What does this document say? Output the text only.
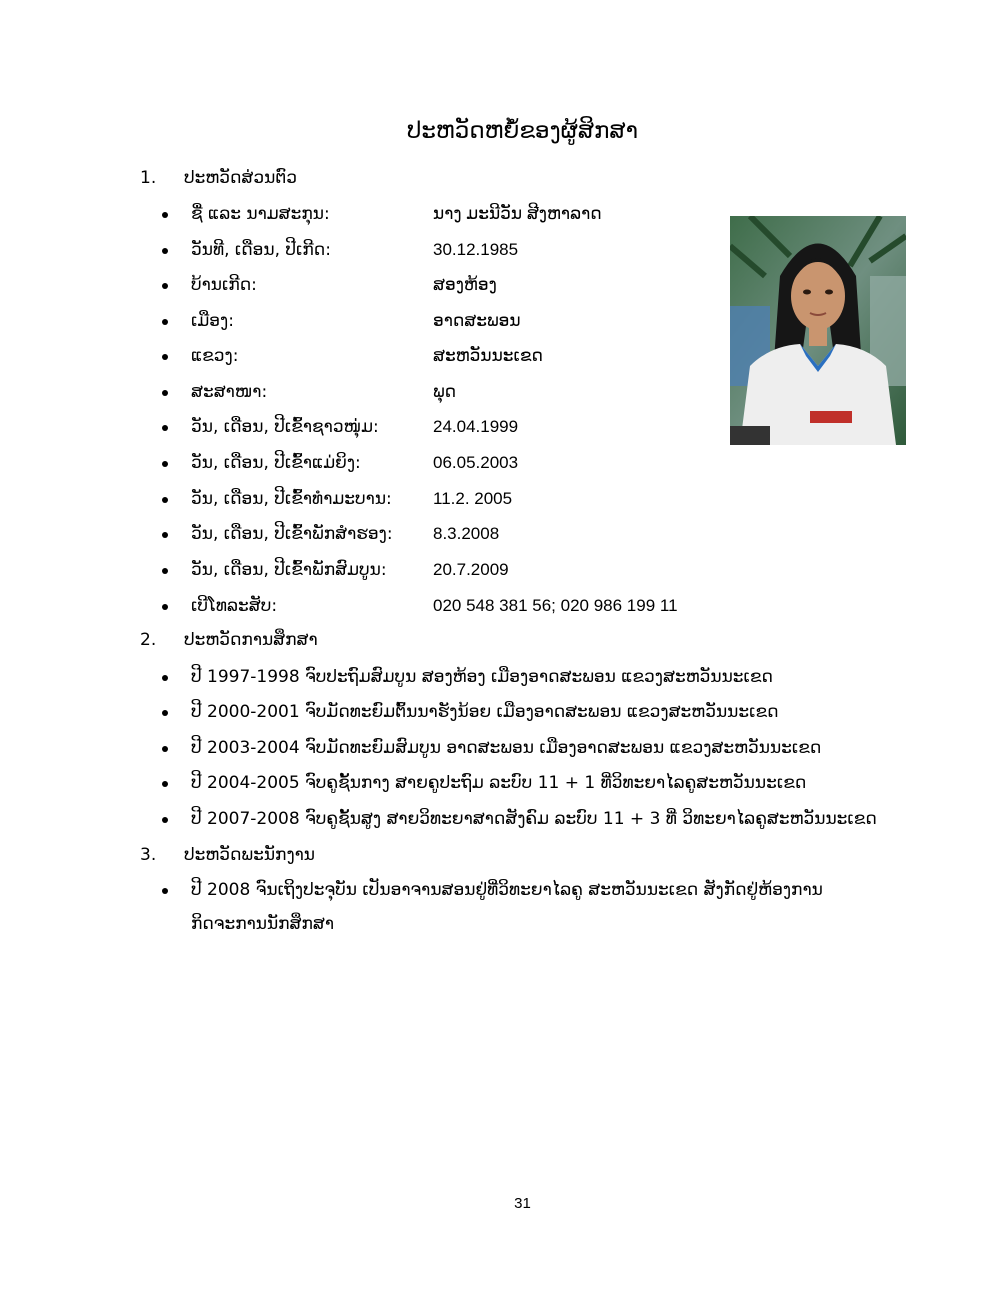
ປະຫວັດຫຍໍ້ຂອງຜູ້ສິກສາ
1. ປະຫວັດສ່ວນຕົວ
ຊື່ ແລະ ນາມສະກຸນ:	ນາງ ມະນີວັນ ສີງຫາລາດ
ວັນທີ, ເດືອນ, ປີເກີດ:	30.12.1985
ບ້ານເກີດ:	ສອງຫ້ອງ
ເມືອງ:	ອາດສະພອນ
ແຂວງ:	ສະຫວັນນະເຂດ
ສະສາໜາ:	ພຸດ
ວັນ, ເດືອນ, ປີເຂົ້າຊາວໜຸ່ມ:	24.04.1999
ວັນ, ເດືອນ, ປີເຂົ້າແມ່ຍິງ:	06.05.2003
ວັນ, ເດືອນ, ປີເຂົ້າທຳມະບານ: 11.2. 2005
ວັນ, ເດືອນ, ປີເຂົ້າພັກສຳຮອງ: 8.3.2008
ວັນ, ເດືອນ, ປີເຂົ້າພັກສົມບູນ:	20.7.2009
ເບີໂທລະສັບ:	020 548 381 56; 020 986 199 11
2. ປະຫວັດການສຶກສາ
ປີ 1997-1998 ຈົບປະຖົມສົມບູນ ສອງຫ້ອງ ເມືອງອາດສະພອນ ແຂວງສະຫວັນນະເຂດ
ປີ 2000-2001 ຈົບມັດທະຍົມຕົ້ນນາຮັງນ້ອຍ ເມືອງອາດສະພອນ ແຂວງສະຫວັນນະເຂດ
ປີ 2003-2004 ຈົບມັດທະຍົມສົມບູນ ອາດສະພອນ ເມືອງອາດສະພອນ ແຂວງສະຫວັນນະເຂດ
ປີ 2004-2005 ຈົບຄູຊັ້ນກາງ ສາຍຄູປະຖົມ ລະບົບ 11 + 1 ທີ່ວິທະຍາໄລຄູສະຫວັນນະເຂດ
ປີ 2007-2008 ຈົບຄູຊັ້ນສູງ ສາຍວິທະຍາສາດສັງຄົມ ລະບົບ 11 + 3 ທີ່ ວິທະຍາໄລຄູສະຫວັນນະເຂດ
3. ປະຫວັດພະນັກງານ
ປີ 2008 ຈົນເຖິງປະຈຸບັນ ເປັນອາຈານສອນຢູ່ທີ່ວິທະຍາໄລຄູ ສະຫວັນນະເຂດ ສັງກັດຢູ່ຫ້ອງການ
ກິດຈະການນັກສຶກສາ
31
